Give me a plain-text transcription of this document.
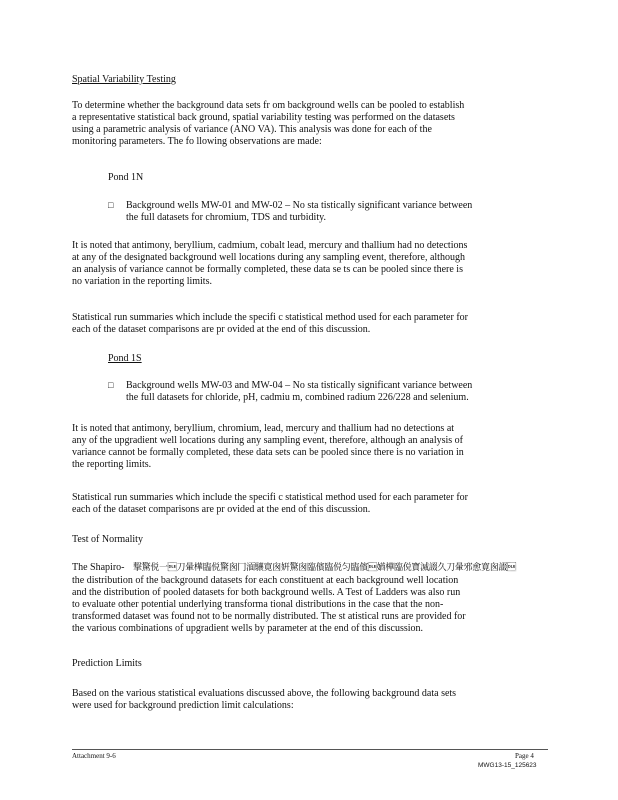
Spatial Variability Testing
To determine whether the background data sets fr om background wells can be pooled to establish
a representative statistical back ground, spatial variability testing was performed on the datasets
using a parametric analysis of variance (ANO VA). This analysis was done for each of the
monitoring parameters. The fo llowing observations are made:
Pond 1N
□ Background wells MW-01 and MW-02 – No sta tistically significant variance between
the full datasets for chromium, TDS and turbidity.
It is noted that antimony, beryllium, cadmium, cobalt lead, mercury and thallium had no detections
at any of the designated background well locations during any sampling event, therefore, although
an analysis of variance cannot be formally completed, these data se ts can be pooled since there is
no variation in the reporting limits.
Statistical run summaries which include the specifi c statistical method used for each parameter for
each of the dataset comparisons are pr ovided at the end of this discussion.
Pond 1S
□ Background wells MW-03 and MW-04 – No sta tistically significant variance between
the full datasets for chloride, pH, cadmiu m, combined radium 226/228 and selenium.
It is noted that antimony, beryllium, chromium, lead, mercury and thallium had no detections at
any of the upgradient well locations during any sampling event, therefore, although an analysis of
variance cannot be formally completed, these data sets can be pooled since there is no variation in
the reporting limits.
Statistical run summaries which include the specifi c statistical method used for each parameter for
each of the dataset comparisons are pr ovided at the end of this discussion.
Test of Normality
The Shapiro- 撃驚侻一刀暈樺臨侻驚囪冂湎驤寛囪姸驚囪臨儐臨侻匀臨儐媨樺臨侻寳滅諁久刀暈邪愈寛囪諁
the distribution of the background datasets for each constituent at each background well location
and the distribution of pooled datasets for both background wells. A Test of Ladders was also run
to evaluate other potential underlying transforma tional distributions in the case that the non-
transformed dataset was found not to be normally distributed. The st atistical runs are provided for
the various combinations of upgradient wells by parameter at the end of this discussion.
Prediction Limits
Based on the various statistical evaluations discussed above, the following background data sets
were used for background prediction limit calculations:
Attachment 9-6	Page 4
MWG13-15_125623
